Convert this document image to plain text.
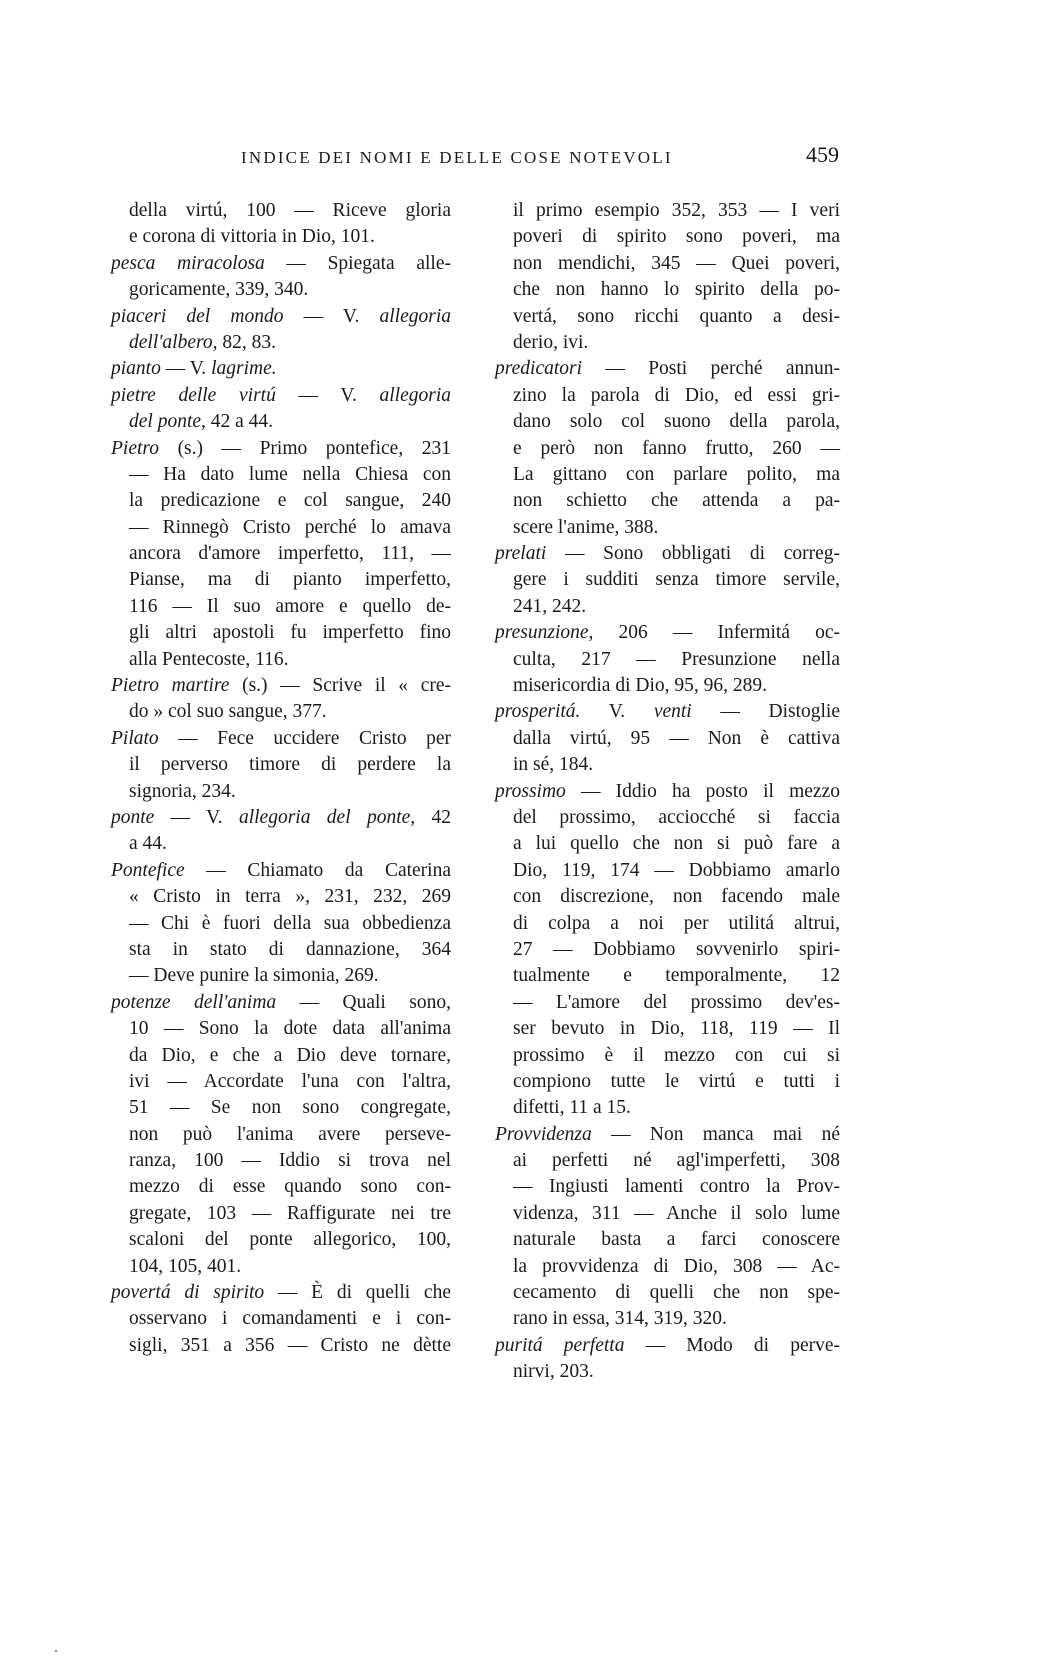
INDICE DEI NOMI E DELLE COSE NOTEVOLI	459
della virtú, 100 — Riceve gloria
e corona di vittoria in Dio, 101.
pesca miracolosa — Spiegata alle-
goricamente, 339, 340.
piaceri del mondo — V. allegoria
dell'albero, 82, 83.
pianto — V. lagrime.
pietre delle virtú — V. allegoria
del ponte, 42 a 44.
Pietro (s.) — Primo pontefice, 231
— Ha dato lume nella Chiesa con
la predicazione e col sangue, 240
— Rinnegò Cristo perché lo amava
ancora d'amore imperfetto, 111, —
Pianse, ma di pianto imperfetto,
116 — Il suo amore e quello de-
gli altri apostoli fu imperfetto fino
alla Pentecoste, 116.
Pietro martire (s.) — Scrive il « cre-
do » col suo sangue, 377.
Pilato — Fece uccidere Cristo per
il perverso timore di perdere la
signoria, 234.
ponte — V. allegoria del ponte, 42
a 44.
Pontefice — Chiamato da Caterina
« Cristo in terra », 231, 232, 269
— Chi è fuori della sua obbedienza
sta in stato di dannazione, 364
— Deve punire la simonia, 269.
potenze dell'anima — Quali sono,
10 — Sono la dote data all'anima
da Dio, e che a Dio deve tornare,
ivi — Accordate l'una con l'altra,
51 — Se non sono congregate,
non può l'anima avere perseve-
ranza, 100 — Iddio si trova nel
mezzo di esse quando sono con-
gregate, 103 — Raffigurate nei tre
scaloni del ponte allegorico, 100,
104, 105, 401.
povertá di spirito — È di quelli che
osservano i comandamenti e i con-
sigli, 351 a 356 — Cristo ne dètte
il primo esempio 352, 353 — I veri
poveri di spirito sono poveri, ma
non mendichi, 345 — Quei poveri,
che non hanno lo spirito della po-
vertá, sono ricchi quanto a desi-
derio, ivi.
predicatori — Posti perché annun-
zino la parola di Dio, ed essi gri-
dano solo col suono della parola,
e però non fanno frutto, 260 —
La gittano con parlare polito, ma
non schietto che attenda a pa-
scere l'anime, 388.
prelati — Sono obbligati di correg-
gere i sudditi senza timore servile,
241, 242.
presunzione, 206 — Infermitá oc-
culta, 217 — Presunzione nella
misericordia di Dio, 95, 96, 289.
prosperitá. V. venti — Distoglie
dalla virtú, 95 — Non è cattiva
in sé, 184.
prossimo — Iddio ha posto il mezzo
del prossimo, acciocché si faccia
a lui quello che non si può fare a
Dio, 119, 174 — Dobbiamo amarlo
con discrezione, non facendo male
di colpa a noi per utilitá altrui,
27 — Dobbiamo sovvenirlo spiri-
tualmente e temporalmente, 12
— L'amore del prossimo dev'es-
ser bevuto in Dio, 118, 119 — Il
prossimo è il mezzo con cui si
compiono tutte le virtú e tutti i
difetti, 11 a 15.
Provvidenza — Non manca mai né
ai perfetti né agl'imperfetti, 308
— Ingiusti lamenti contro la Prov-
videnza, 311 — Anche il solo lume
naturale basta a farci conoscere
la provvidenza di Dio, 308 — Ac-
cecamento di quelli che non spe-
rano in essa, 314, 319, 320.
puritá perfetta — Modo di perve-
nirvi, 203.
